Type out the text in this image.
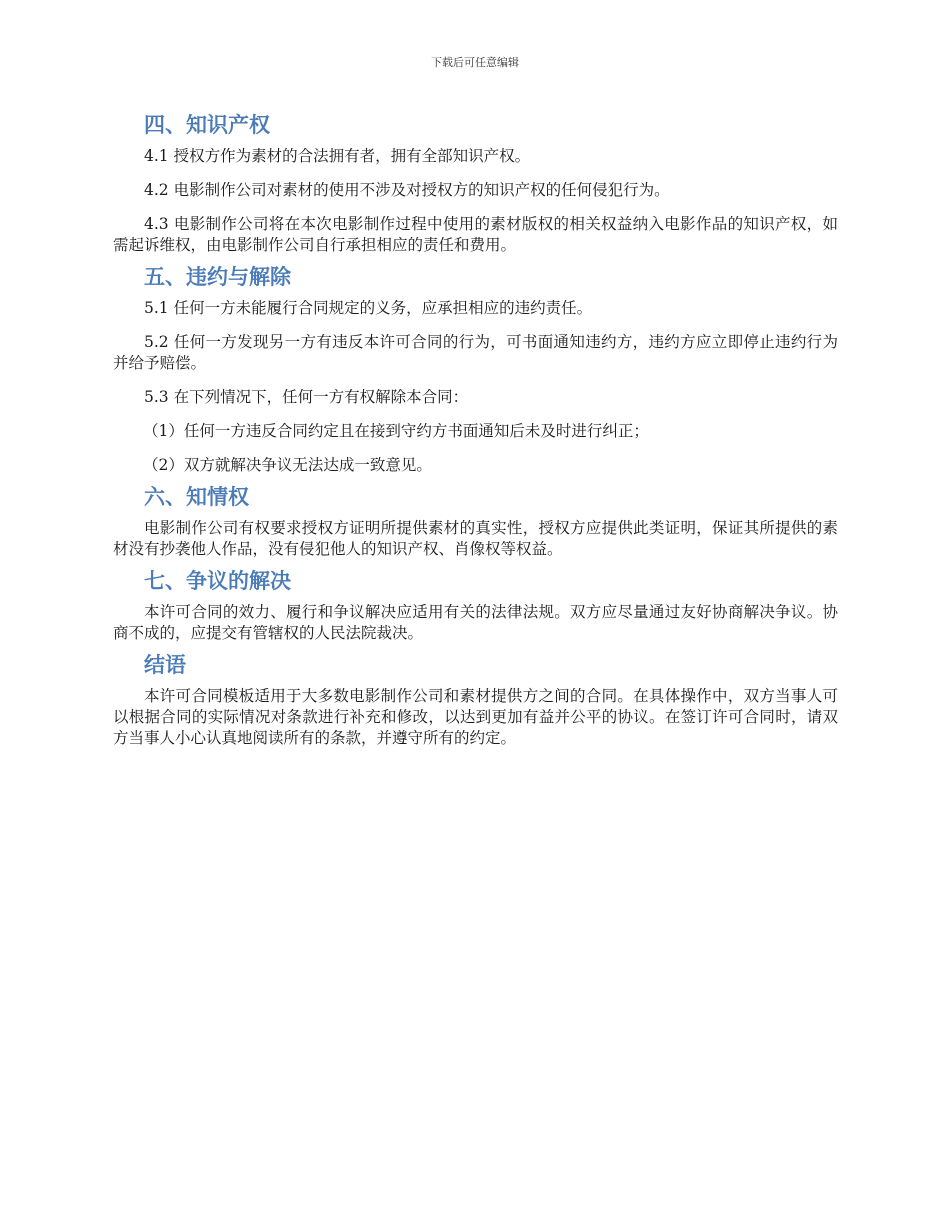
下载后可任意编辑
四、知识产权

4.1 授权方作为素材的合法拥有者，拥有全部知识产权。

4.2 电影制作公司对素材的使用不涉及对授权方的知识产权的任何侵犯行为。

4.3 电影制作公司将在本次电影制作过程中使用的素材版权的相关权益纳入电影作品的知识产权，如需起诉维权，由电影制作公司自行承担相应的责任和费用。

五、违约与解除

5.1 任何一方未能履行合同规定的义务，应承担相应的违约责任。

5.2 任何一方发现另一方有违反本许可合同的行为，可书面通知违约方，违约方应立即停止违约行为并给予赔偿。

5.3 在下列情况下，任何一方有权解除本合同：

（1）任何一方违反合同约定且在接到守约方书面通知后未及时进行纠正；

（2）双方就解决争议无法达成一致意见。

六、知情权

电影制作公司有权要求授权方证明所提供素材的真实性，授权方应提供此类证明，保证其所提供的素材没有抄袭他人作品，没有侵犯他人的知识产权、肖像权等权益。

七、争议的解决

本许可合同的效力、履行和争议解决应适用有关的法律法规。双方应尽量通过友好协商解决争议。协商不成的，应提交有管辖权的人民法院裁决。

结语

本许可合同模板适用于大多数电影制作公司和素材提供方之间的合同。在具体操作中，双方当事人可以根据合同的实际情况对条款进行补充和修改，以达到更加有益并公平的协议。在签订许可合同时，请双方当事人小心认真地阅读所有的条款，并遵守所有的约定。
